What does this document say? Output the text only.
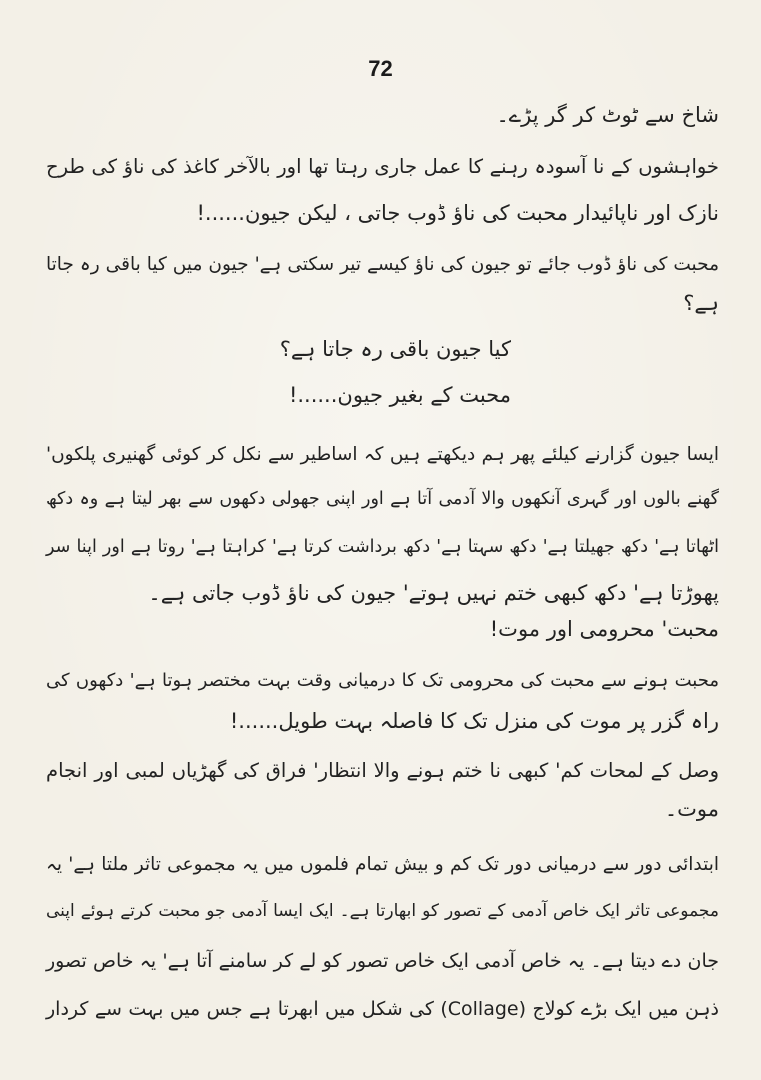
72
شاخ سے ٹوٹ کر گر پڑے۔
خواہشوں کے نا آسودہ رہنے کا عمل جاری رہتا تھا اور بالآخر کاغذ کی ناؤ کی طرح
نازک اور ناپائیدار محبت کی ناؤ ڈوب جاتی ، لیکن جیون......!
محبت کی ناؤ ڈوب جائے تو جیون کی ناؤ کیسے تیر سکتی ہے' جیون میں کیا باقی رہ جاتا
ہے؟
کیا جیون باقی رہ جاتا ہے؟
محبت کے بغیر جیون......!
ایسا جیون گزارنے کیلئے پھر ہم دیکھتے ہیں کہ اساطیر سے نکل کر کوئی گھنیری پلکوں'
گھنے بالوں اور گہری آنکھوں والا آدمی آتا ہے اور اپنی جھولی دکھوں سے بھر لیتا ہے وہ دکھ
اٹھاتا ہے' دکھ جھیلتا ہے' دکھ سہتا ہے' دکھ برداشت کرتا ہے' کراہتا ہے' روتا ہے اور اپنا سر
پھوڑتا ہے' دکھ کبھی ختم نہیں ہوتے' جیون کی ناؤ ڈوب جاتی ہے۔
محبت' محرومی اور موت!
محبت ہونے سے محبت کی محرومی تک کا درمیانی وقت بہت مختصر ہوتا ہے' دکھوں کی
راہ گزر پر موت کی منزل تک کا فاصلہ بہت طویل......!
وصل کے لمحات کم' کبھی نا ختم ہونے والا انتظار' فراق کی گھڑیاں لمبی اور انجام
موت۔
ابتدائی دور سے درمیانی دور تک کم و بیش تمام فلموں میں یہ مجموعی تاثر ملتا ہے' یہ
مجموعی تاثر ایک خاص آدمی کے تصور کو ابھارتا ہے۔ ایک ایسا آدمی جو محبت کرتے ہوئے اپنی
جان دے دیتا ہے۔ یہ خاص آدمی ایک خاص تصور کو لے کر سامنے آتا ہے' یہ خاص تصور
ذہن میں ایک بڑے کولاج (Collage) کی شکل میں ابھرتا ہے جس میں بہت سے کردار
